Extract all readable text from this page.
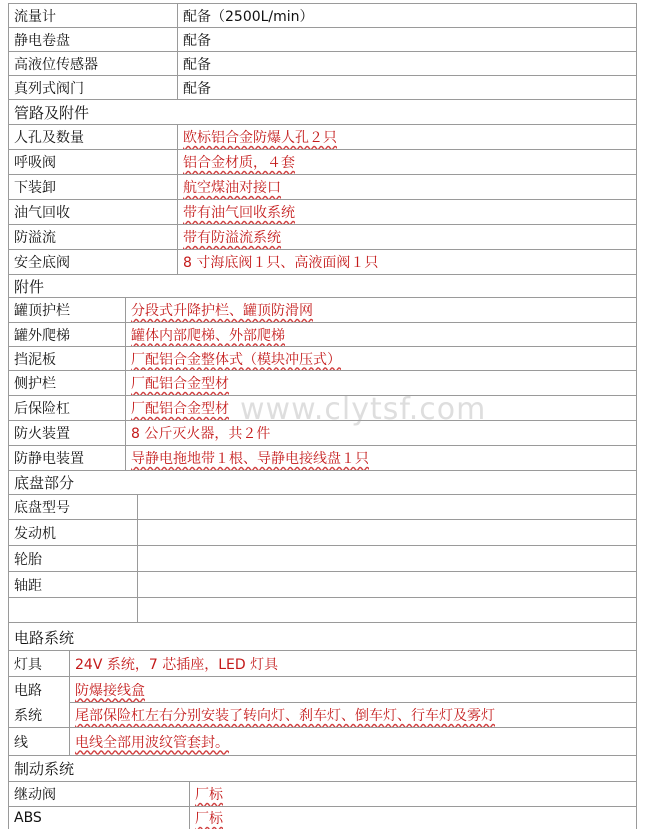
流量计	配备（2500L/min）
静电卷盘	配备
高液位传感器	配备
真列式阀门	配备
管路及附件
人孔及数量	欧标铝合金防爆人孔２只
呼吸阀	铝合金材质，４套
下装卸	航空煤油对接口
油气回收	带有油气回收系统
防溢流	带有防溢流系统
安全底阀	8 寸海底阀１只、高液面阀１只
附件
罐顶护栏	分段式升降护栏、罐顶防滑网
罐外爬梯	罐体内部爬梯、外部爬梯
挡泥板	厂配铝合金整体式（模块冲压式）
侧护栏	厂配铝合金型材
后保险杠	厂配铝合金型材
防火装置	8 公斤灭火器，共２件
防静电装置	导静电拖地带１根、导静电接线盘１只
底盘部分
底盘型号
发动机
轮胎
轴距
电路系统
灯具	24V 系统，7 芯插座，LED 灯具
电路	防爆接线盒
系统	尾部保险杠左右分别安装了转向灯、刹车灯、倒车灯、行车灯及雾灯
线	电线全部用波纹管套封。
制动系统
继动阀	厂标
ABS	厂标
www.clytsf.com
